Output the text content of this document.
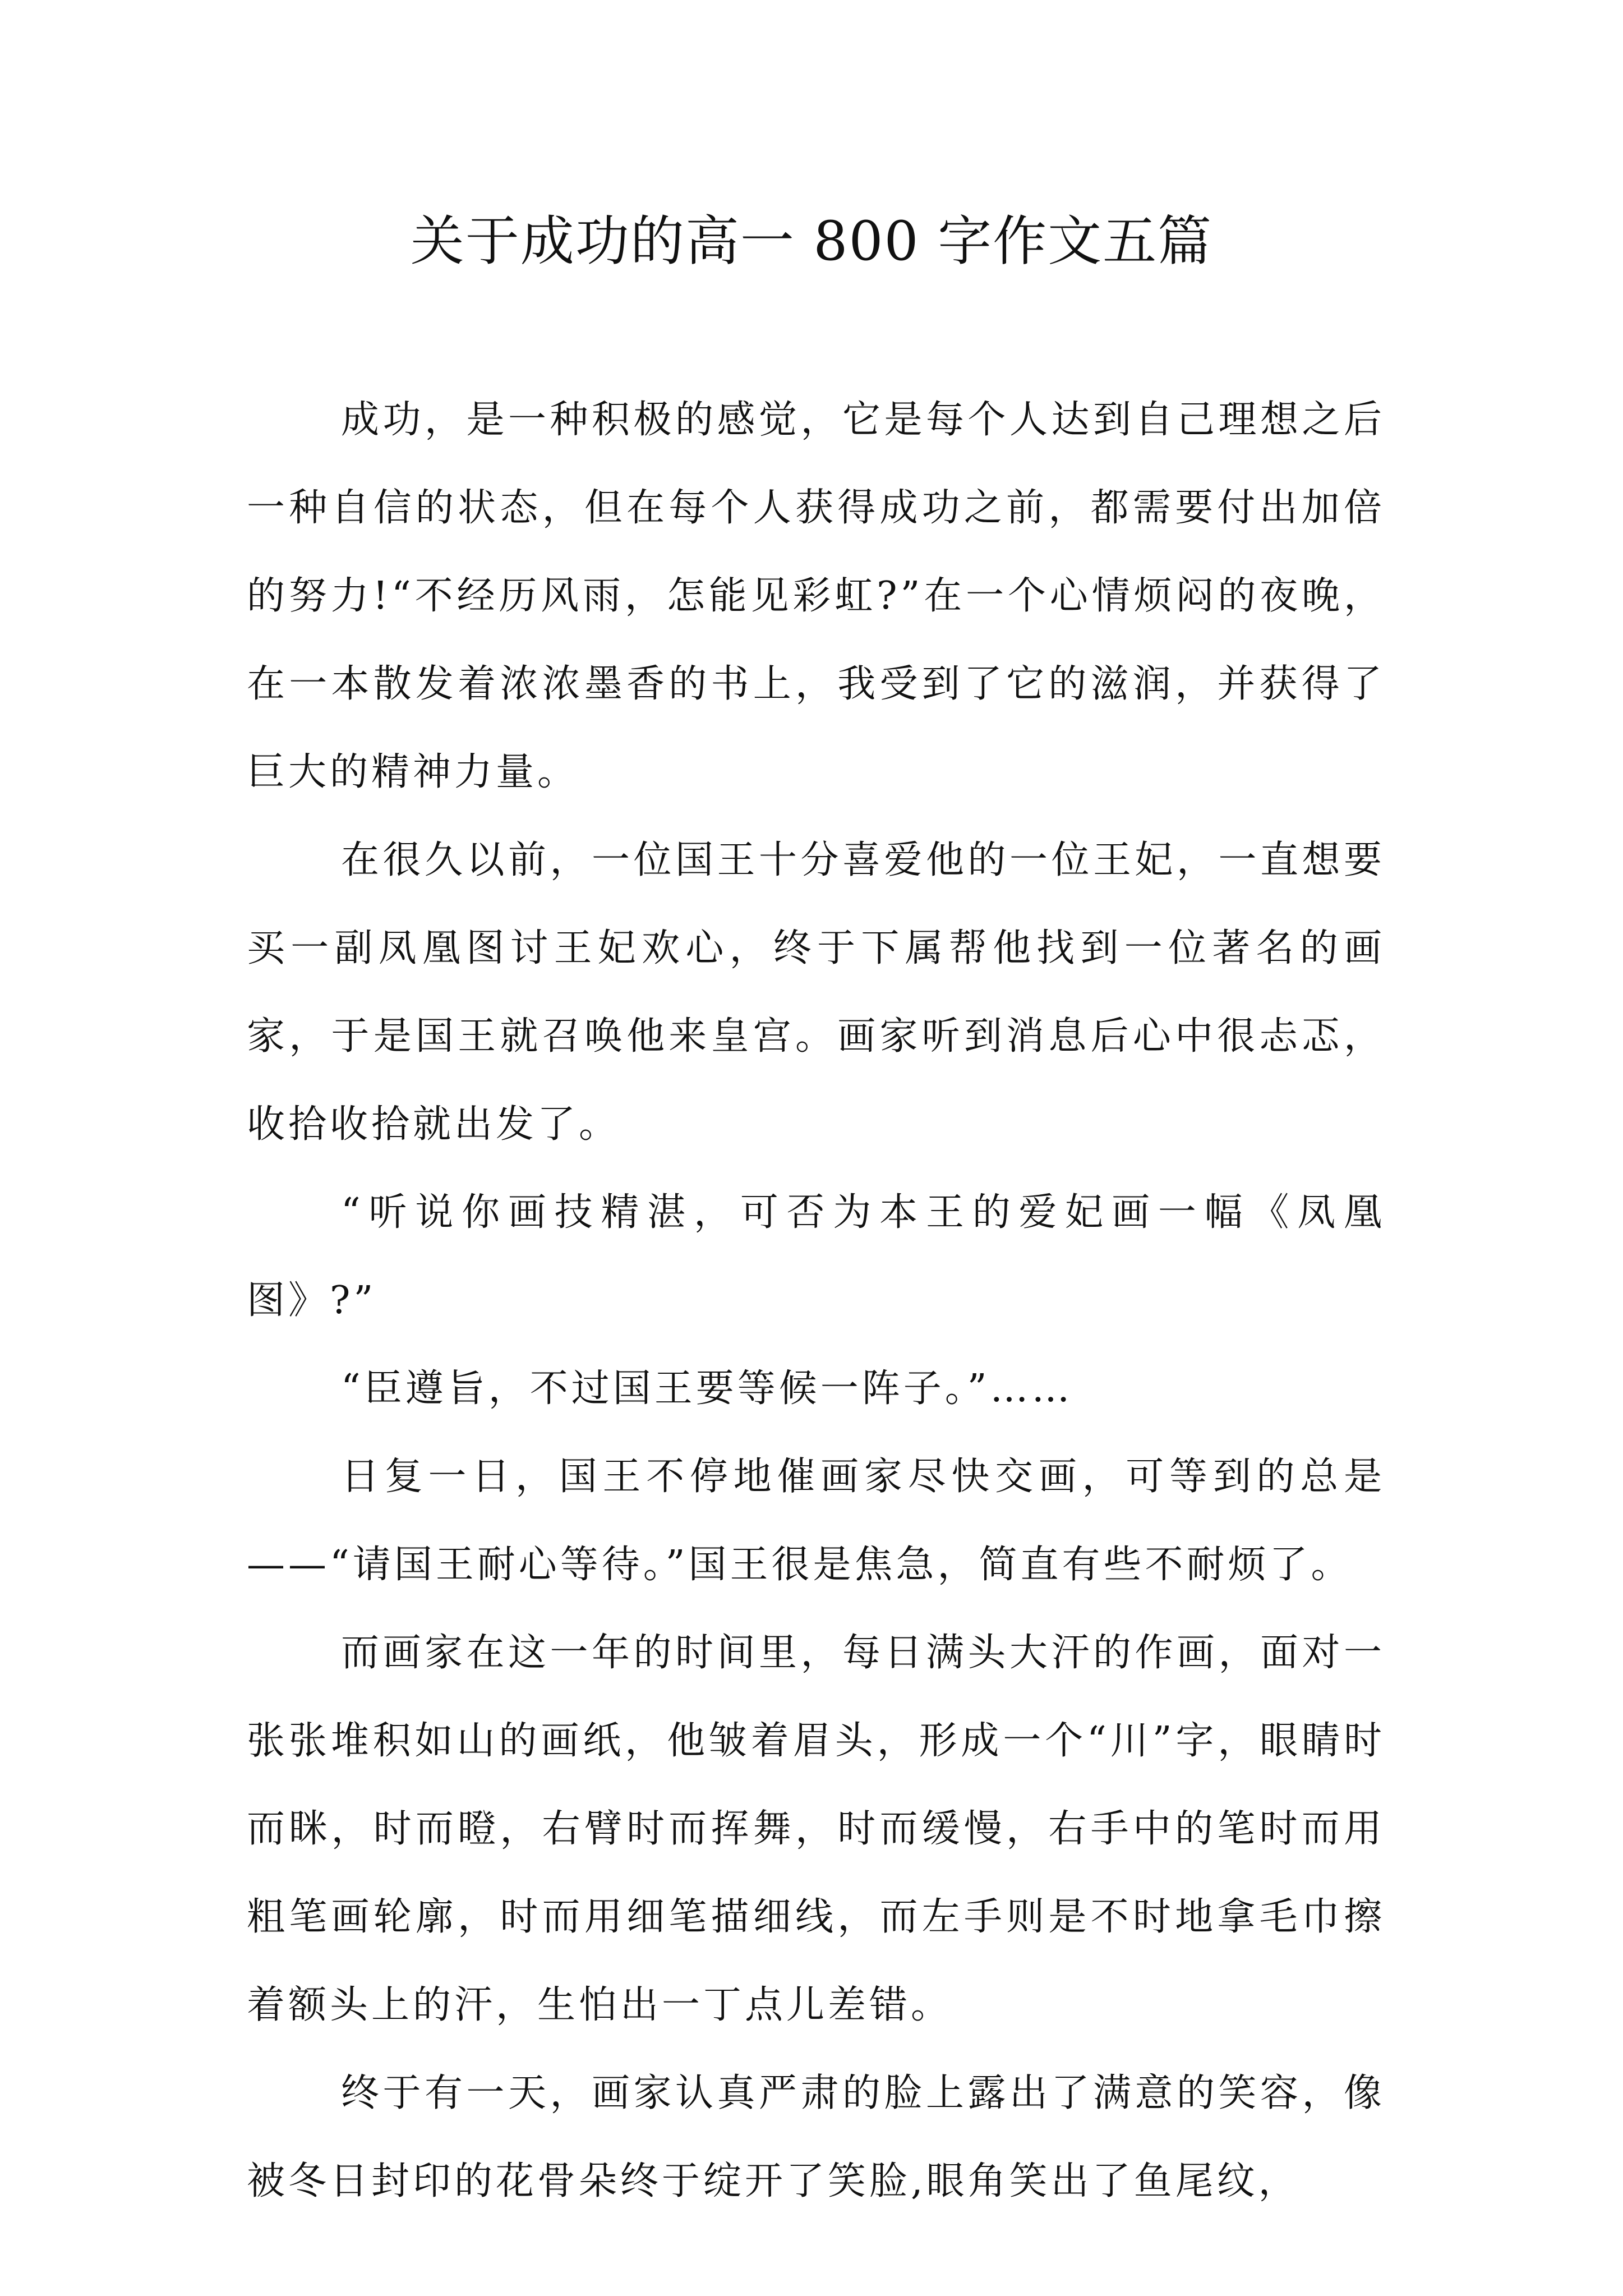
关于成功的高一 800 字作文五篇

成功，是一种积极的感觉，它是每个人达到自己理想之后一种自信的状态，但在每个人获得成功之前，都需要付出加倍的努力!“不经历风雨，怎能见彩虹?”在一个心情烦闷的夜晚，在一本散发着浓浓墨香的书上，我受到了它的滋润，并获得了巨大的精神力量。

在很久以前，一位国王十分喜爱他的一位王妃，一直想要买一副凤凰图讨王妃欢心，终于下属帮他找到一位著名的画家，于是国王就召唤他来皇宫。画家听到消息后心中很忐忑，收拾收拾就出发了。

“听说你画技精湛，可否为本王的爱妃画一幅《凤凰图》?”

“臣遵旨，不过国王要等候一阵子。”……

日复一日，国王不停地催画家尽快交画，可等到的总是——“请国王耐心等待。”国王很是焦急，简直有些不耐烦了。

而画家在这一年的时间里，每日满头大汗的作画，面对一张张堆积如山的画纸，他皱着眉头，形成一个“川”字，眼睛时而眯，时而瞪，右臂时而挥舞，时而缓慢，右手中的笔时而用粗笔画轮廓，时而用细笔描细线，而左手则是不时地拿毛巾擦着额头上的汗，生怕出一丁点儿差错。

终于有一天，画家认真严肃的脸上露出了满意的笑容，像被冬日封印的花骨朵终于绽开了笑脸,眼角笑出了鱼尾纹，
